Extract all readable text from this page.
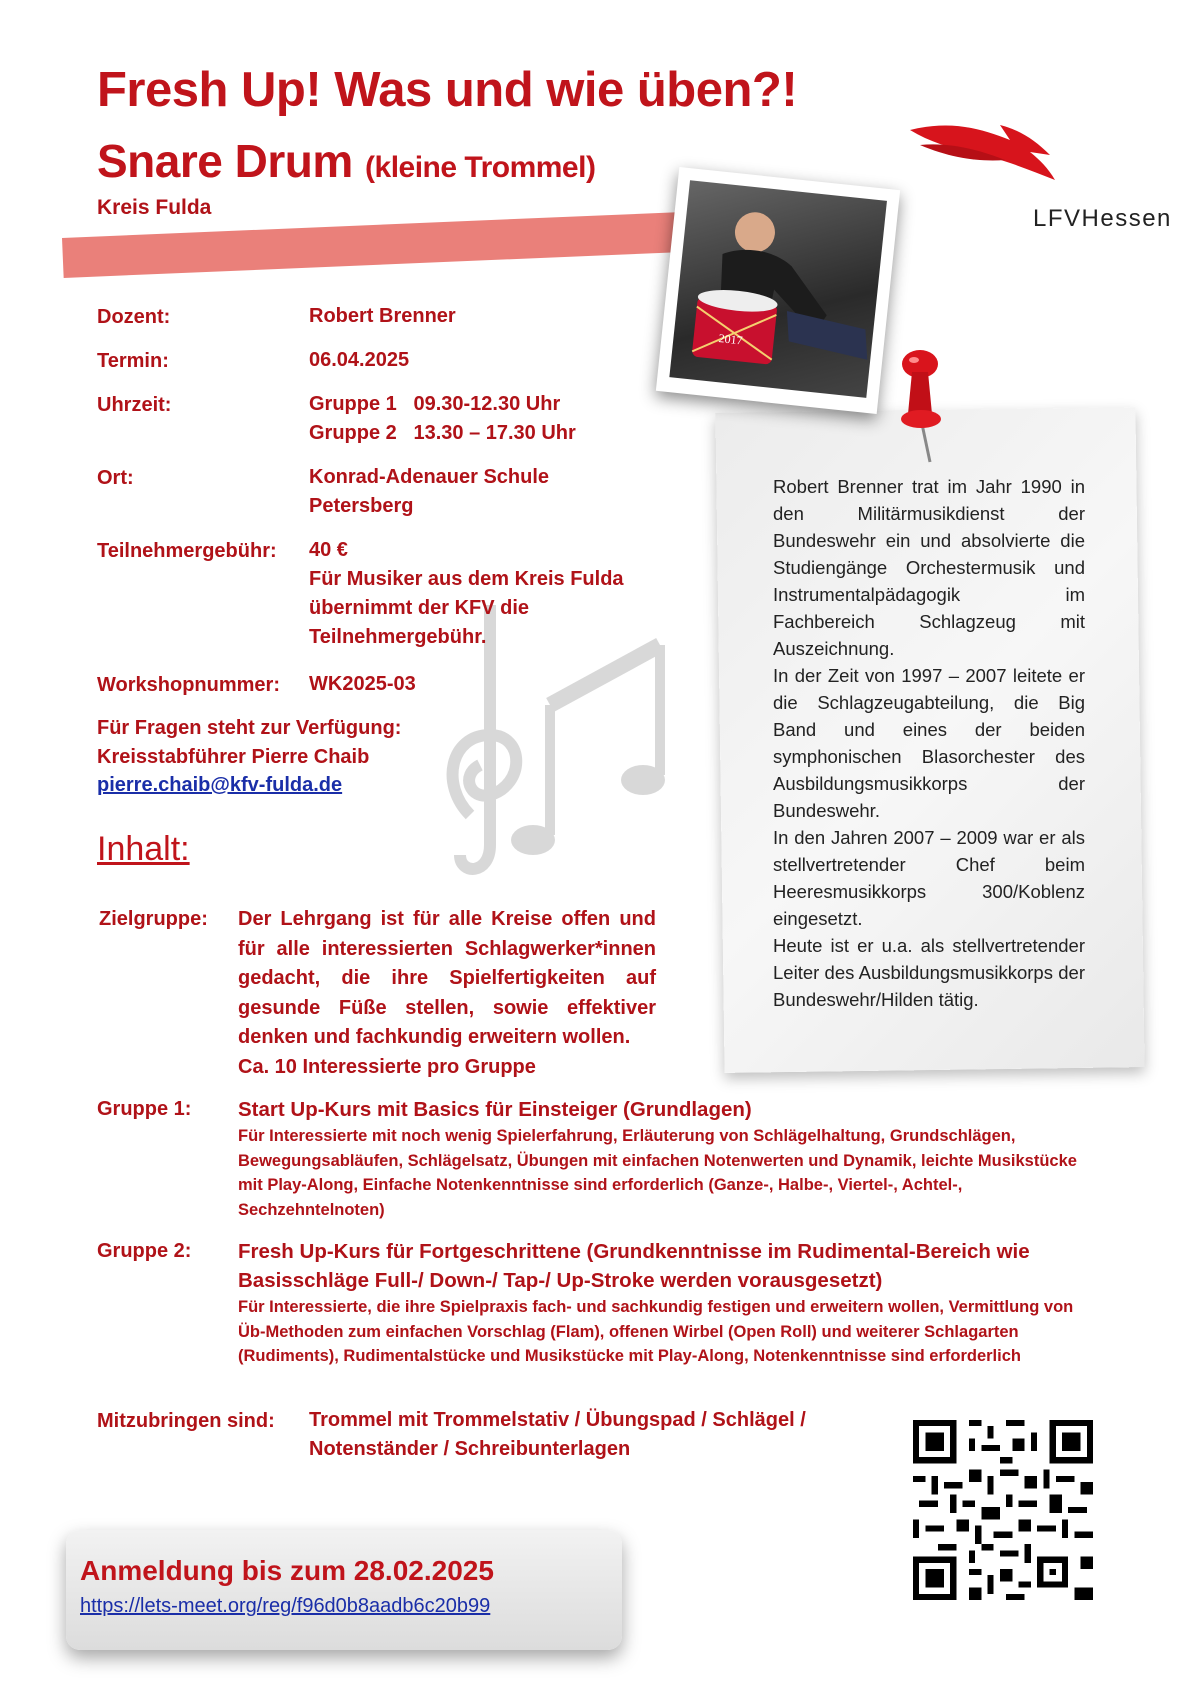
Fresh Up! Was und wie üben?!
Snare Drum (kleine Trommel)
Kreis Fulda	LFVHessen
Dozent:	Robert Brenner
Termin:	06.04.2025
Uhrzeit:	Gruppe 1   09.30-12.30 Uhr
Gruppe 2   13.30 – 17.30 Uhr
Ort:	Konrad-Adenauer Schule
Petersberg
Teilnehmergebühr: 40 €
Für Musiker aus dem Kreis Fulda
übernimmt der KFV die
Teilnehmergebühr.
Workshopnummer: WK2025-03
Für Fragen steht zur Verfügung:
Kreisstabführer Pierre Chaib
pierre.chaib@kfv-fulda.de
Inhalt:
Zielgruppe: Der Lehrgang ist für alle Kreise offen und für alle interessierten Schlagwerker*innen gedacht, die ihre Spielfertigkeiten auf gesunde Füße stellen, sowie effektiver denken und fachkundig erweitern wollen.
Ca. 10 Interessierte pro Gruppe
Gruppe 1: Start Up-Kurs mit Basics für Einsteiger (Grundlagen)
Für Interessierte mit noch wenig Spielerfahrung, Erläuterung von Schlägelhaltung, Grundschlägen, Bewegungsabläufen, Schlägelsatz, Übungen mit einfachen Notenwerten und Dynamik, leichte Musikstücke mit Play-Along, Einfache Notenkenntnisse sind erforderlich (Ganze-, Halbe-, Viertel-, Achtel-, Sechzehntelnoten)
Gruppe 2: Fresh Up-Kurs für Fortgeschrittene (Grundkenntnisse im Rudimental-Bereich wie Basisschläge Full-/ Down-/ Tap-/ Up-Stroke werden vorausgesetzt)
Für Interessierte, die ihre Spielpraxis fach- und sachkundig festigen und erweitern wollen, Vermittlung von Üb-Methoden zum einfachen Vorschlag (Flam), offenen Wirbel (Open Roll) und weiterer Schlagarten (Rudiments), Rudimentalstücke und Musikstücke mit Play-Along, Notenkenntnisse sind erforderlich
Mitzubringen sind: Trommel mit Trommelstativ / Übungspad / Schlägel /
Notenständer / Schreibunterlagen

Robert Brenner trat im Jahr 1990 in den Militärmusikdienst der Bundeswehr ein und absolvierte die Studiengänge Orchestermusik und Instrumentalpädagogik im Fachbereich Schlagzeug mit Auszeichnung.

In der Zeit von 1997 – 2007 leitete er die Schlagzeugabteilung, die Big Band und eines der beiden symphonischen Blasorchester des Ausbildungsmusikkorps der Bundeswehr.

In den Jahren 2007 – 2009 war er als stellvertretender Chef beim Heeresmusikkorps 300/Koblenz eingesetzt.

Heute ist er u.a. als stellvertretender Leiter des Ausbildungsmusikkorps der Bundeswehr/Hilden tätig.

2017
Anmeldung bis zum 28.02.2025
https://lets-meet.org/reg/f96d0b8aadb6c20b99
